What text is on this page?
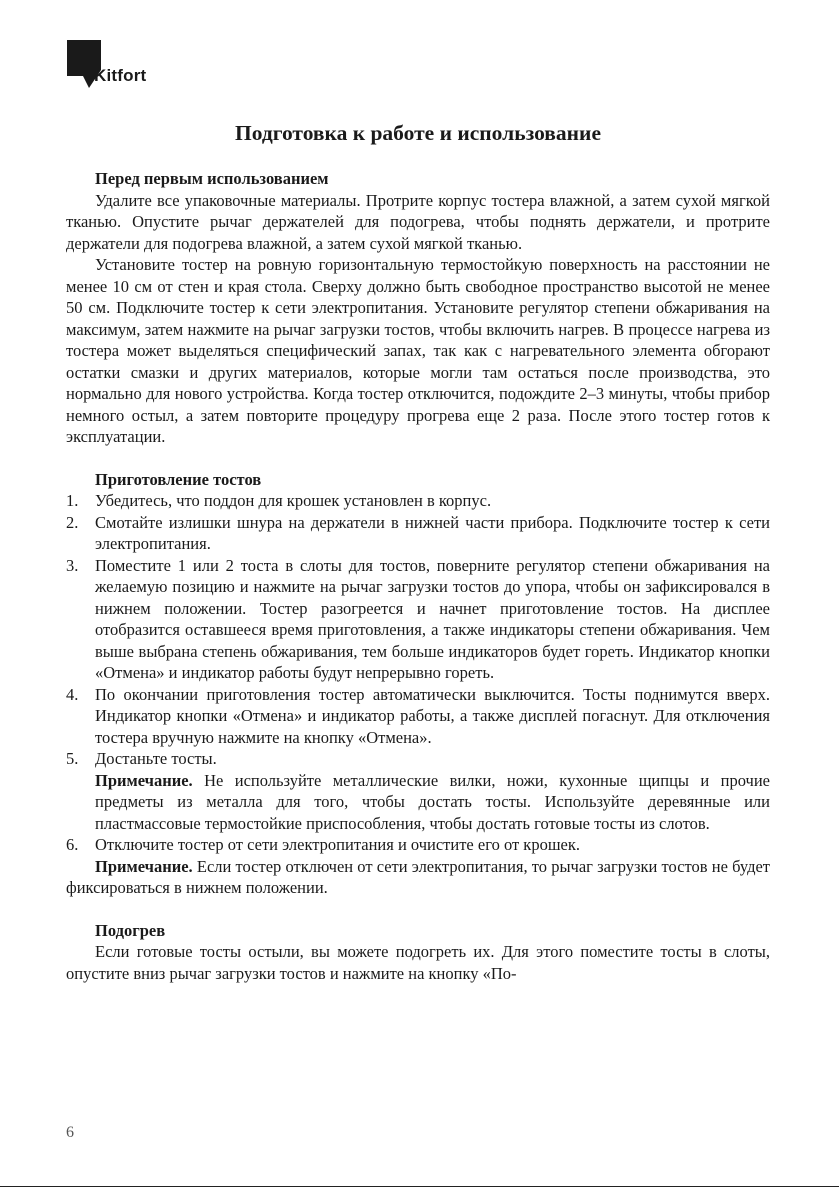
Kitfort
Подготовка к работе и использование
Перед первым использованием

Удалите все упаковочные материалы. Протрите корпус тостера влажной, а затем сухой мягкой тканью. Опустите рычаг держателей для подогрева, чтобы поднять держатели, и протрите держатели для подогрева влажной, а затем сухой мягкой тканью.

Установите тостер на ровную горизонтальную термостойкую поверхность на расстоянии не менее 10 см от стен и края стола. Сверху должно быть свободное пространство высотой не менее 50 см. Подключите тостер к сети электропитания. Установите регулятор степени обжаривания на максимум, затем нажмите на рычаг загрузки тостов, чтобы включить нагрев. В процессе нагрева из тостера может выделяться специфический запах, так как с нагревательного элемента обгорают остатки смазки и других материалов, которые могли там остаться после производства, это нормально для нового устройства. Когда тостер отключится, подождите 2–3 минуты, чтобы прибор немного остыл, а затем повторите процедуру прогрева еще 2 раза. После этого тостер готов к эксплуатации.

Приготовление тостов
1. Убедитесь, что поддон для крошек установлен в корпус.
2. Смотайте излишки шнура на держатели в нижней части прибора. Подключите тостер к сети электропитания.
3. Поместите 1 или 2 тоста в слоты для тостов, поверните регулятор степени обжаривания на желаемую позицию и нажмите на рычаг загрузки тостов до упора, чтобы он зафиксировался в нижнем положении. Тостер разогреется и начнет приготовление тостов. На дисплее отобразится оставшееся время приготовления, а также индикаторы степени обжаривания. Чем выше выбрана степень обжаривания, тем больше индикаторов будет гореть. Индикатор кнопки «Отмена» и индикатор работы будут непрерывно гореть.
4. По окончании приготовления тостер автоматически выключится. Тосты поднимутся вверх. Индикатор кнопки «Отмена» и индикатор работы, а также дисплей погаснут. Для отключения тостера вручную нажмите на кнопку «Отмена».
5. Достаньте тосты.
Примечание. Не используйте металлические вилки, ножи, кухонные щипцы и прочие предметы из металла для того, чтобы достать тосты. Используйте деревянные или пластмассовые термостойкие приспособления, чтобы достать готовые тосты из слотов.
6. Отключите тостер от сети электропитания и очистите его от крошек.

Примечание. Если тостер отключен от сети электропитания, то рычаг загрузки тостов не будет фиксироваться в нижнем положении.

Подогрев

Если готовые тосты остыли, вы можете подогреть их. Для этого поместите тосты в слоты, опустите вниз рычаг загрузки тостов и нажмите на кнопку «По-

6
